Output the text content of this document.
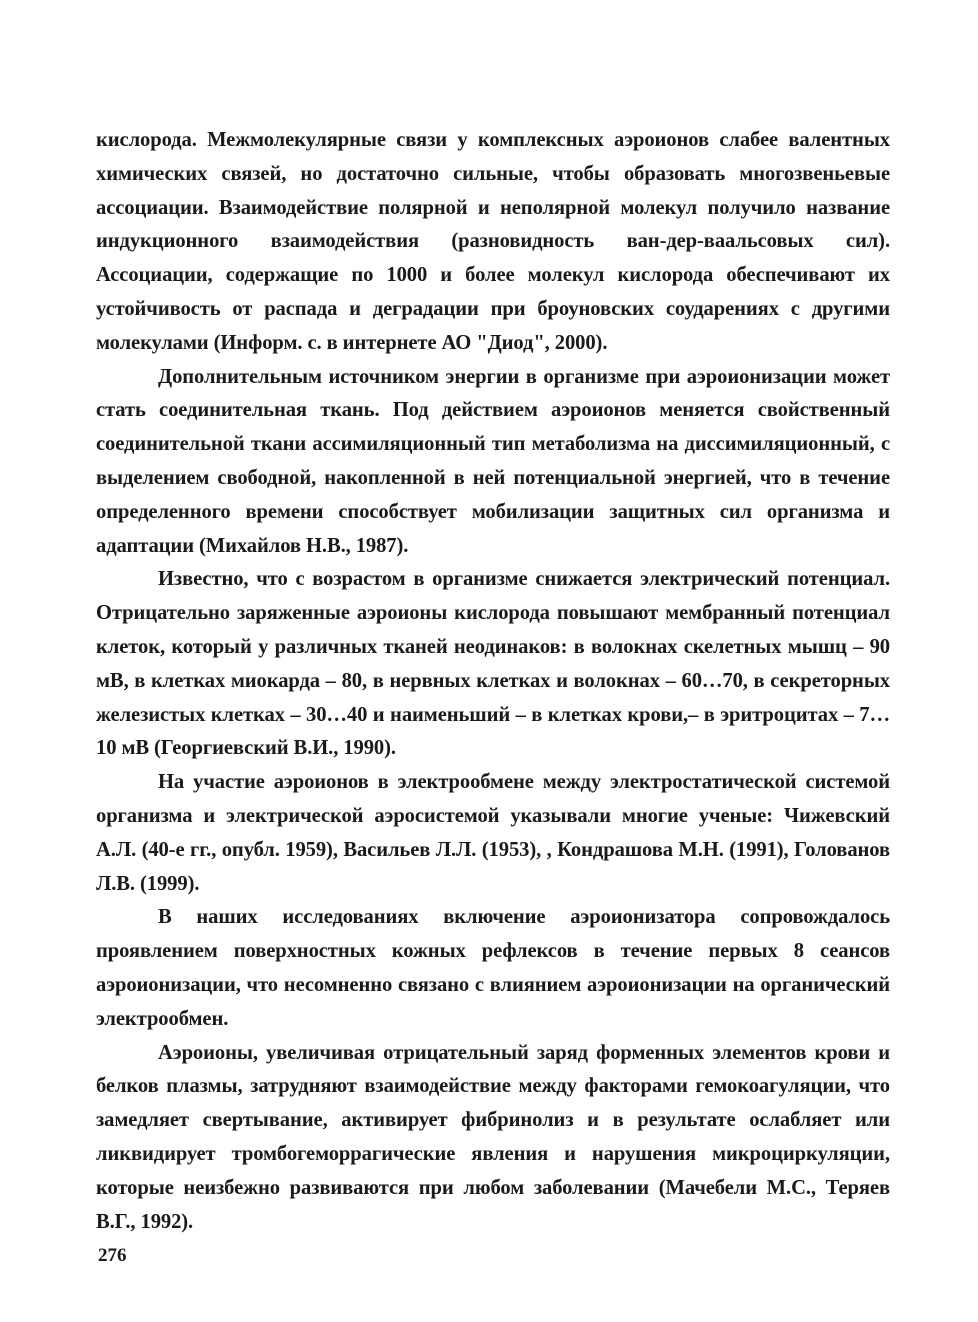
кислорода. Межмолекулярные связи у комплексных аэроионов слабее валентных химических связей, но достаточно сильные, чтобы образовать многозвеньевые ассоциации. Взаимодействие полярной и неполярной молекул получило название индукционного взаимодействия (разновидность ван-дер-ваальсовых сил). Ассоциации, содержащие по 1000 и более молекул кислорода обеспечивают их устойчивость от распада и деградации при броуновских соударениях с другими молекулами (Информ. с. в интернете АО "Диод", 2000).

Дополнительным источником энергии в организме при аэроионизации может стать соединительная ткань. Под действием аэроионов меняется свойственный соединительной ткани ассимиляционный тип метаболизма на диссимиляционный, с выделением свободной, накопленной в ней потенциальной энергией, что в течение определенного времени способствует мобилизации защитных сил организма и адаптации (Михайлов Н.В., 1987).

Известно, что с возрастом в организме снижается электрический потенциал. Отрицательно заряженные аэроионы кислорода повышают мембранный потенциал клеток, который у различных тканей неодинаков: в волокнах скелетных мышц – 90 мВ, в клетках миокарда – 80, в нервных клетках и волокнах – 60…70, в секреторных железистых клетках – 30…40 и наименьший – в клетках крови,– в эритроцитах – 7…10 мВ (Георгиевский В.И., 1990).

На участие аэроионов в электрообмене между электростатической системой организма и электрической аэросистемой указывали многие ученые: Чижевский А.Л. (40-е гг., опубл. 1959), Васильев Л.Л. (1953), , Кондрашова М.Н. (1991), Голованов Л.В. (1999).

В наших исследованиях включение аэроионизатора сопровождалось проявлением поверхностных кожных рефлексов в течение первых 8 сеансов аэроионизации, что несомненно связано с влиянием аэроионизации на органический электрообмен.

Аэроионы, увеличивая отрицательный заряд форменных элементов крови и белков плазмы, затрудняют взаимодействие между факторами гемокоагуляции, что замедляет свертывание, активирует фибринолиз и в результате ослабляет или ликвидирует тромбогеморрагические явления и нарушения микроциркуляции, которые неизбежно развиваются при любом заболевании (Мачебели М.С., Теряев В.Г., 1992).

276
